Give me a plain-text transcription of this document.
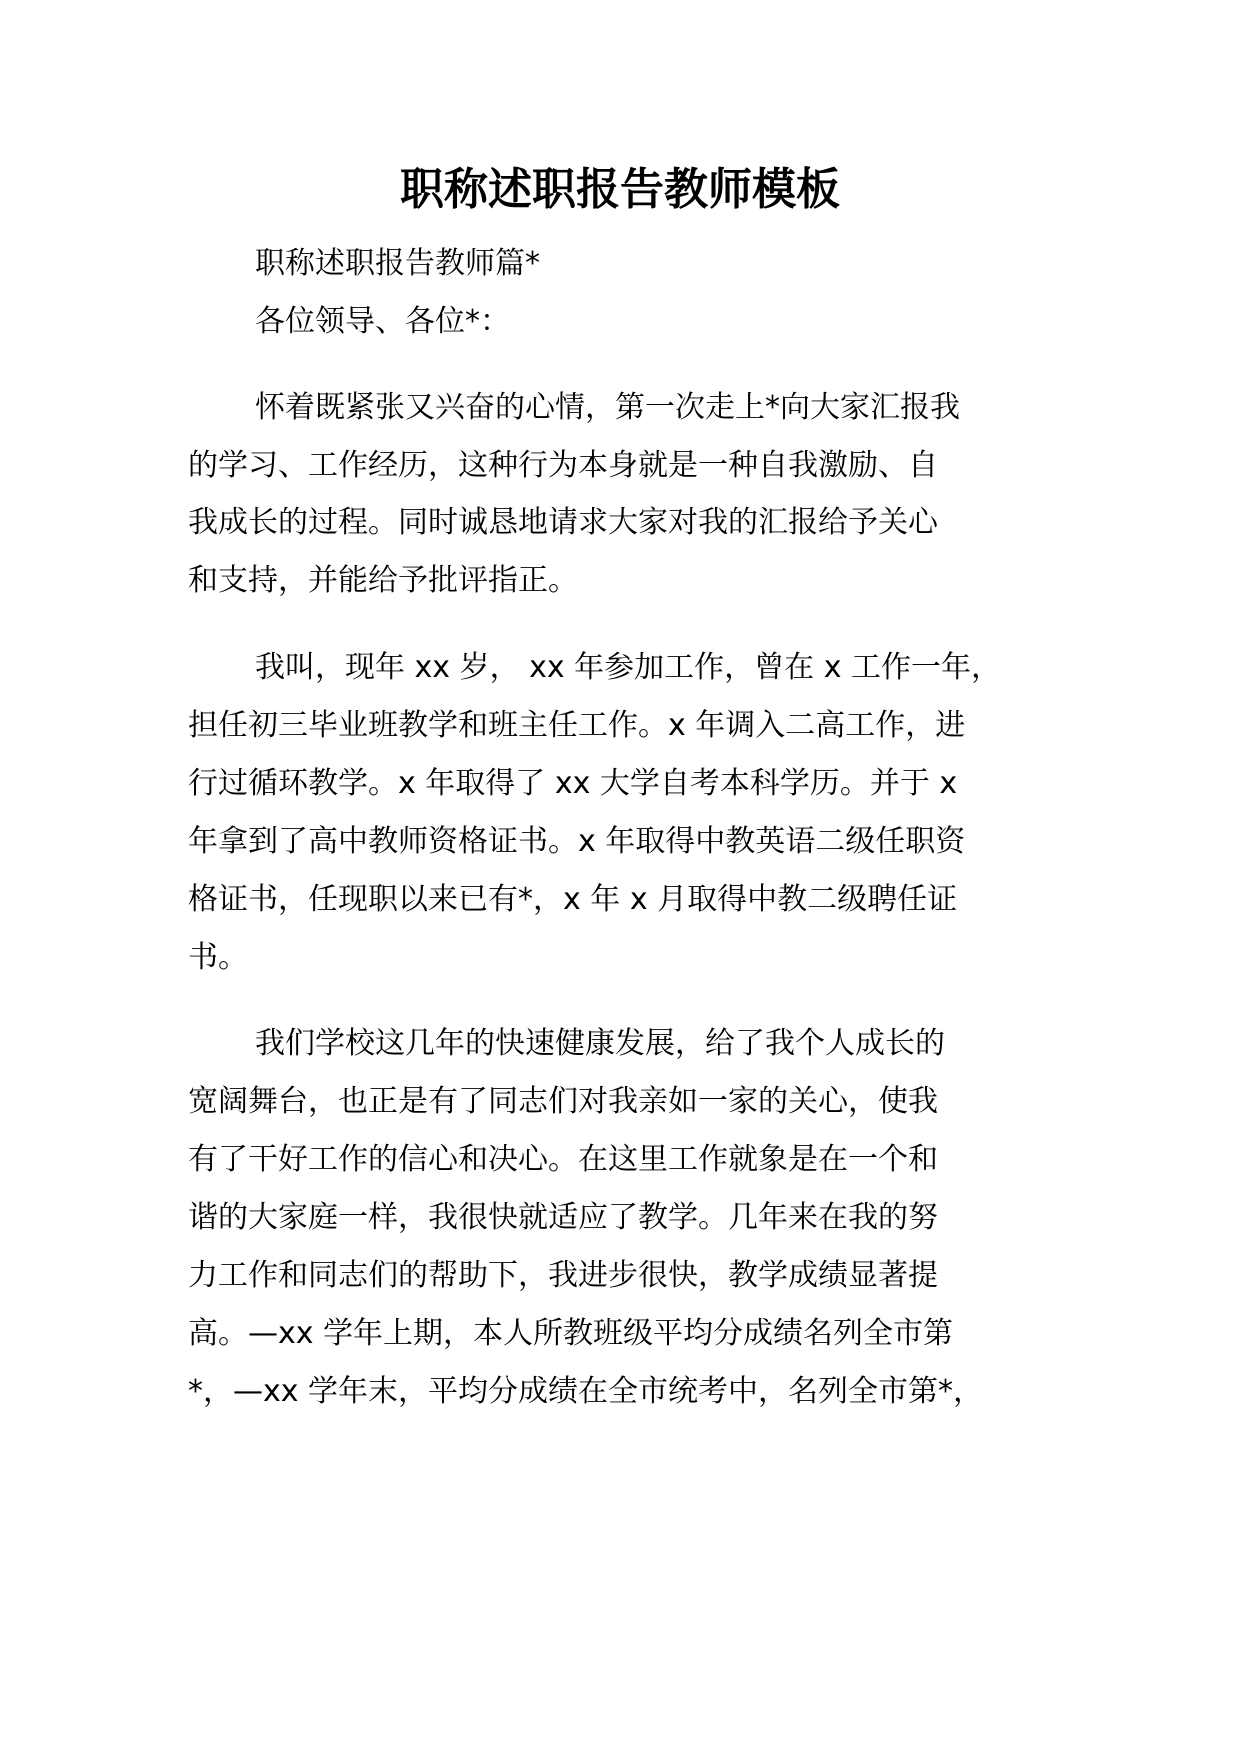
职称述职报告教师模板
职称述职报告教师篇*
各位领导、各位*：
怀着既紧张又兴奋的心情，第一次走上*向大家汇报我
的学习、工作经历，这种行为本身就是一种自我激励、自
我成长的过程。同时诚恳地请求大家对我的汇报给予关心
和支持，并能给予批评指正。
我叫，现年 xx 岁， xx 年参加工作，曾在 x 工作一年，
担任初三毕业班教学和班主任工作。x 年调入二高工作，进
行过循环教学。x 年取得了 xx 大学自考本科学历。并于 x
年拿到了高中教师资格证书。x 年取得中教英语二级任职资
格证书，任现职以来已有*，x 年 x 月取得中教二级聘任证
书。
我们学校这几年的快速健康发展，给了我个人成长的
宽阔舞台，也正是有了同志们对我亲如一家的关心，使我
有了干好工作的信心和决心。在这里工作就象是在一个和
谐的大家庭一样，我很快就适应了教学。几年来在我的努
力工作和同志们的帮助下，我进步很快，教学成绩显著提
高。—xx 学年上期，本人所教班级平均分成绩名列全市第
*，—xx 学年末，平均分成绩在全市统考中，名列全市第*，
